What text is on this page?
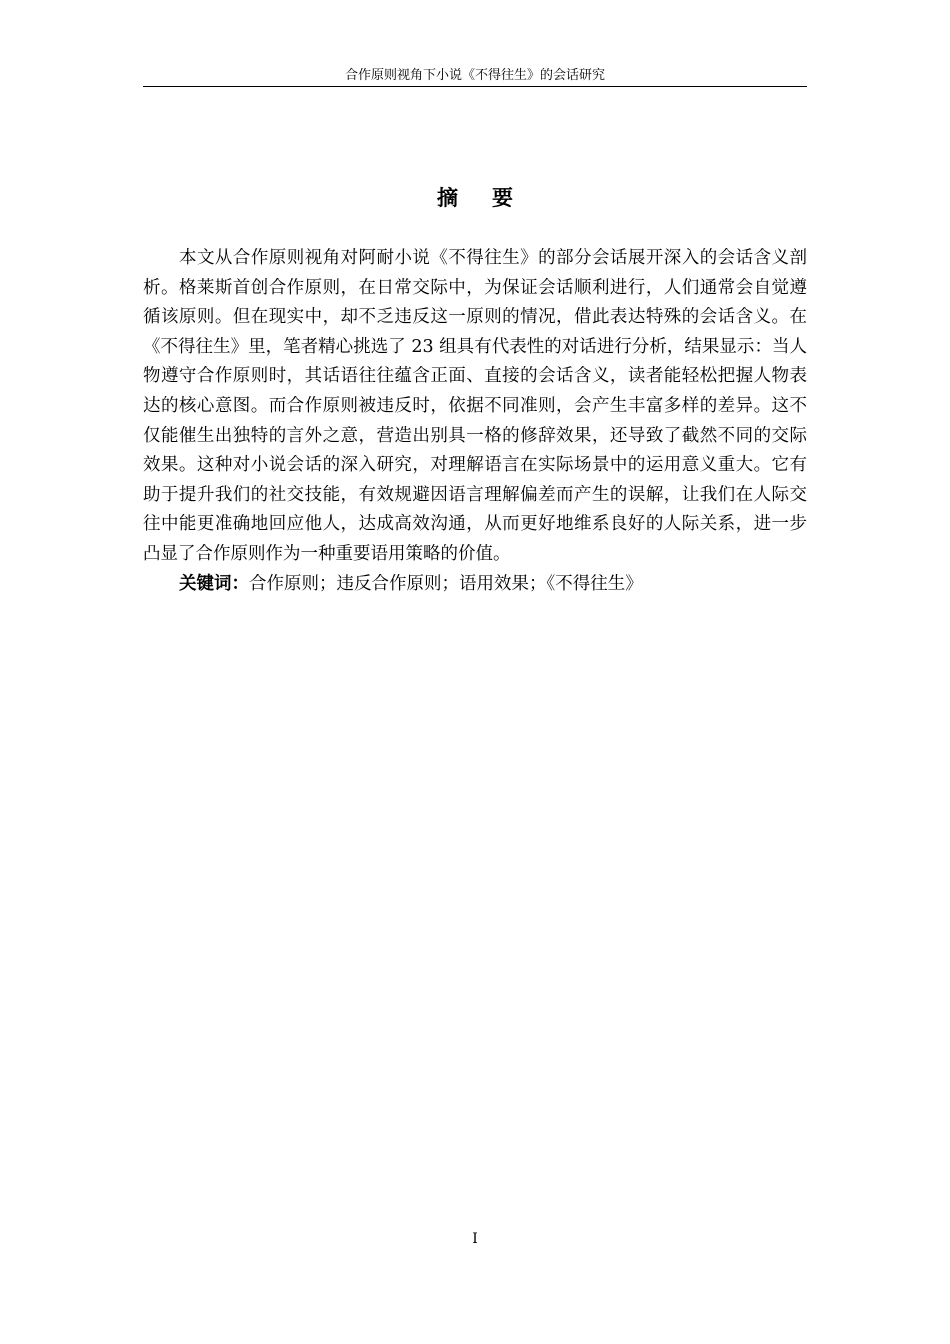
合作原则视角下小说《不得往生》的会话研究
摘要

本文从合作原则视角对阿耐小说《不得往生》的部分会话展开深入的会话含义剖析。格莱斯首创合作原则，在日常交际中，为保证会话顺利进行，人们通常会自觉遵循该原则。但在现实中，却不乏违反这一原则的情况，借此表达特殊的会话含义。在《不得往生》里，笔者精心挑选了 23 组具有代表性的对话进行分析，结果显示：当人物遵守合作原则时，其话语往往蕴含正面、直接的会话含义，读者能轻松把握人物表达的核心意图。而合作原则被违反时，依据不同准则，会产生丰富多样的差异。这不仅能催生出独特的言外之意，营造出别具一格的修辞效果，还导致了截然不同的交际效果。这种对小说会话的深入研究，对理解语言在实际场景中的运用意义重大。它有助于提升我们的社交技能，有效规避因语言理解偏差而产生的误解，让我们在人际交往中能更准确地回应他人，达成高效沟通，从而更好地维系良好的人际关系，进一步凸显了合作原则作为一种重要语用策略的价值。

关键词：合作原则；违反合作原则；语用效果；《不得往生》

I
